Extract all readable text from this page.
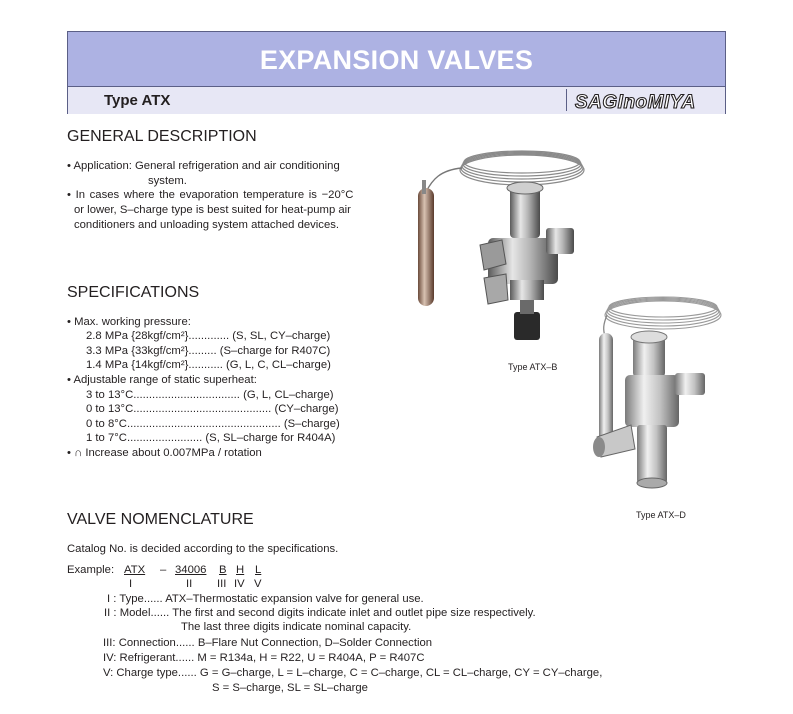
EXPANSION VALVES
Type ATX	SAGInoMIYA
GENERAL DESCRIPTION
• Application: General refrigeration and air conditioning
system.
• In cases where the evaporation temperature is −20°C
or lower, S–charge type is best suited for heat-pump air
conditioners and unloading system attached devices.
SPECIFICATIONS
• Max. working pressure:
2.8 MPa {28kgf/cm²}............. (S, SL, CY–charge)
3.3 MPa {33kgf/cm²}......... (S–charge for R407C)
1.4 MPa {14kgf/cm²}........... (G, L, C, CL–charge)
• Adjustable range of static superheat:
3 to 13°C.................................. (G, L, CL–charge)
0 to 13°C............................................ (CY–charge)
0 to 8°C................................................. (S–charge)
1 to 7°C........................ (S, SL–charge for R404A)
• ∩ Increase about 0.007MPa / rotation
VALVE NOMENCLATURE
Catalog No. is decided according to the specifications.
Example: ATX – 34006 B H L
I	II III IV V
I : Type...... ATX–Thermostatic expansion valve for general use.
II : Model...... The first and second digits indicate inlet and outlet pipe size respectively.
The last three digits indicate nominal capacity.
III: Connection...... B–Flare Nut Connection, D–Solder Connection
IV: Refrigerant...... M = R134a, H = R22, U = R404A, P = R407C
V: Charge type...... G = G–charge, L = L–charge, C = C–charge, CL = CL–charge, CY = CY–charge,
S = S–charge, SL = SL–charge
Type ATX–B
Type ATX–D
